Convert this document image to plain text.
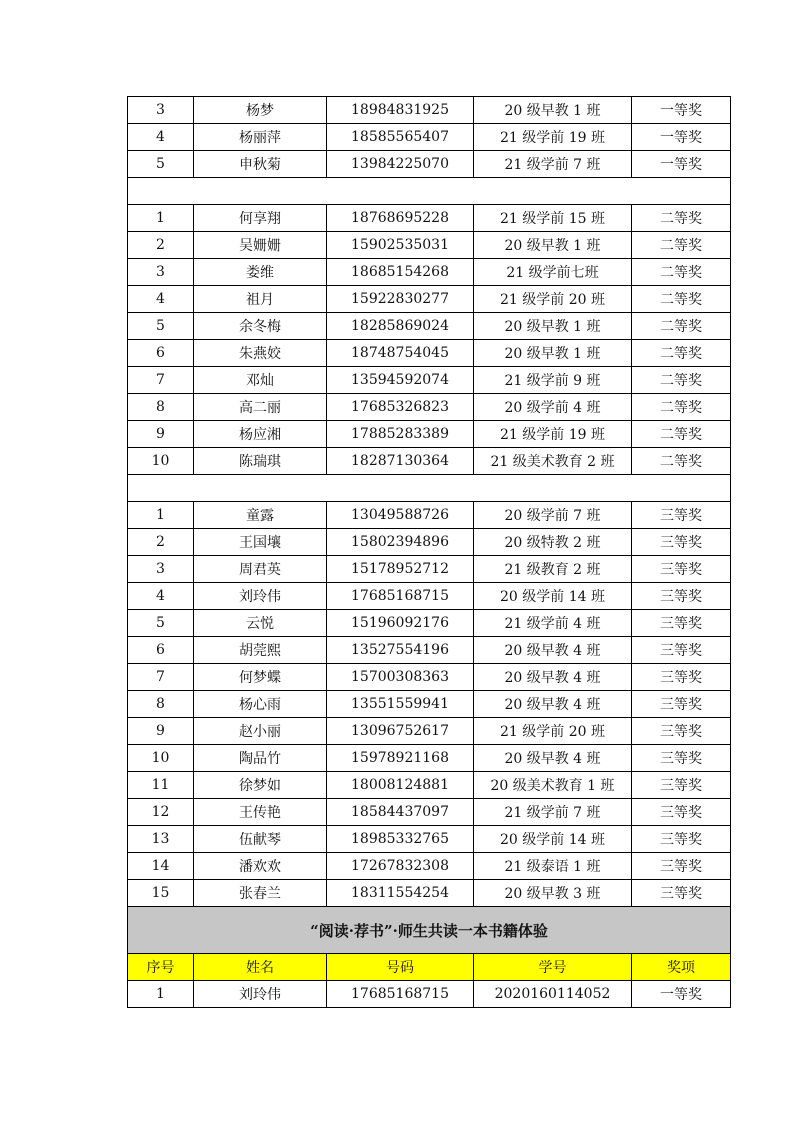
3	杨梦	18984831925	20 级早教 1 班	一等奖
4	杨丽萍	18585565407	21 级学前 19 班	一等奖
5	申秋菊	13984225070	21 级学前 7 班	一等奖

1	何享翔	18768695228	21 级学前 15 班	二等奖
2	吴姗姗	15902535031	20 级早教 1 班	二等奖
3	娄维	18685154268	21 级学前七班	二等奖
4	祖月	15922830277	21 级学前 20 班	二等奖
5	余冬梅	18285869024	20 级早教 1 班	二等奖
6	朱燕姣	18748754045	20 级早教 1 班	二等奖
7	邓灿	13594592074	21 级学前 9 班	二等奖
8	高二丽	17685326823	20 级学前 4 班	二等奖
9	杨应湘	17885283389	21 级学前 19 班	二等奖
10	陈瑞琪	18287130364	21 级美术教育 2 班	二等奖

1	童露	13049588726	20 级学前 7 班	三等奖
2	王国壤	15802394896	20 级特教 2 班	三等奖
3	周君英	15178952712	21 级教育 2 班	三等奖
4	刘玲伟	17685168715	20 级学前 14 班	三等奖
5	云悦	15196092176	21 级学前 4 班	三等奖
6	胡莞熙	13527554196	20 级早教 4 班	三等奖
7	何梦蝶	15700308363	20 级早教 4 班	三等奖
8	杨心雨	13551559941	20 级早教 4 班	三等奖
9	赵小丽	13096752617	21 级学前 20 班	三等奖
10	陶品竹	15978921168	20 级早教 4 班	三等奖
11	徐梦如	18008124881	20 级美术教育 1 班	三等奖
12	王传艳	18584437097	21 级学前 7 班	三等奖
13	伍献琴	18985332765	20 级学前 14 班	三等奖
14	潘欢欢	17267832308	21 级泰语 1 班	三等奖
15	张春兰	18311554254	20 级早教 3 班	三等奖
“阅读·荐书”·师生共读一本书籍体验				
序号	姓名	号码	学号	奖项
1	刘玲伟	17685168715	2020160114052	一等奖
